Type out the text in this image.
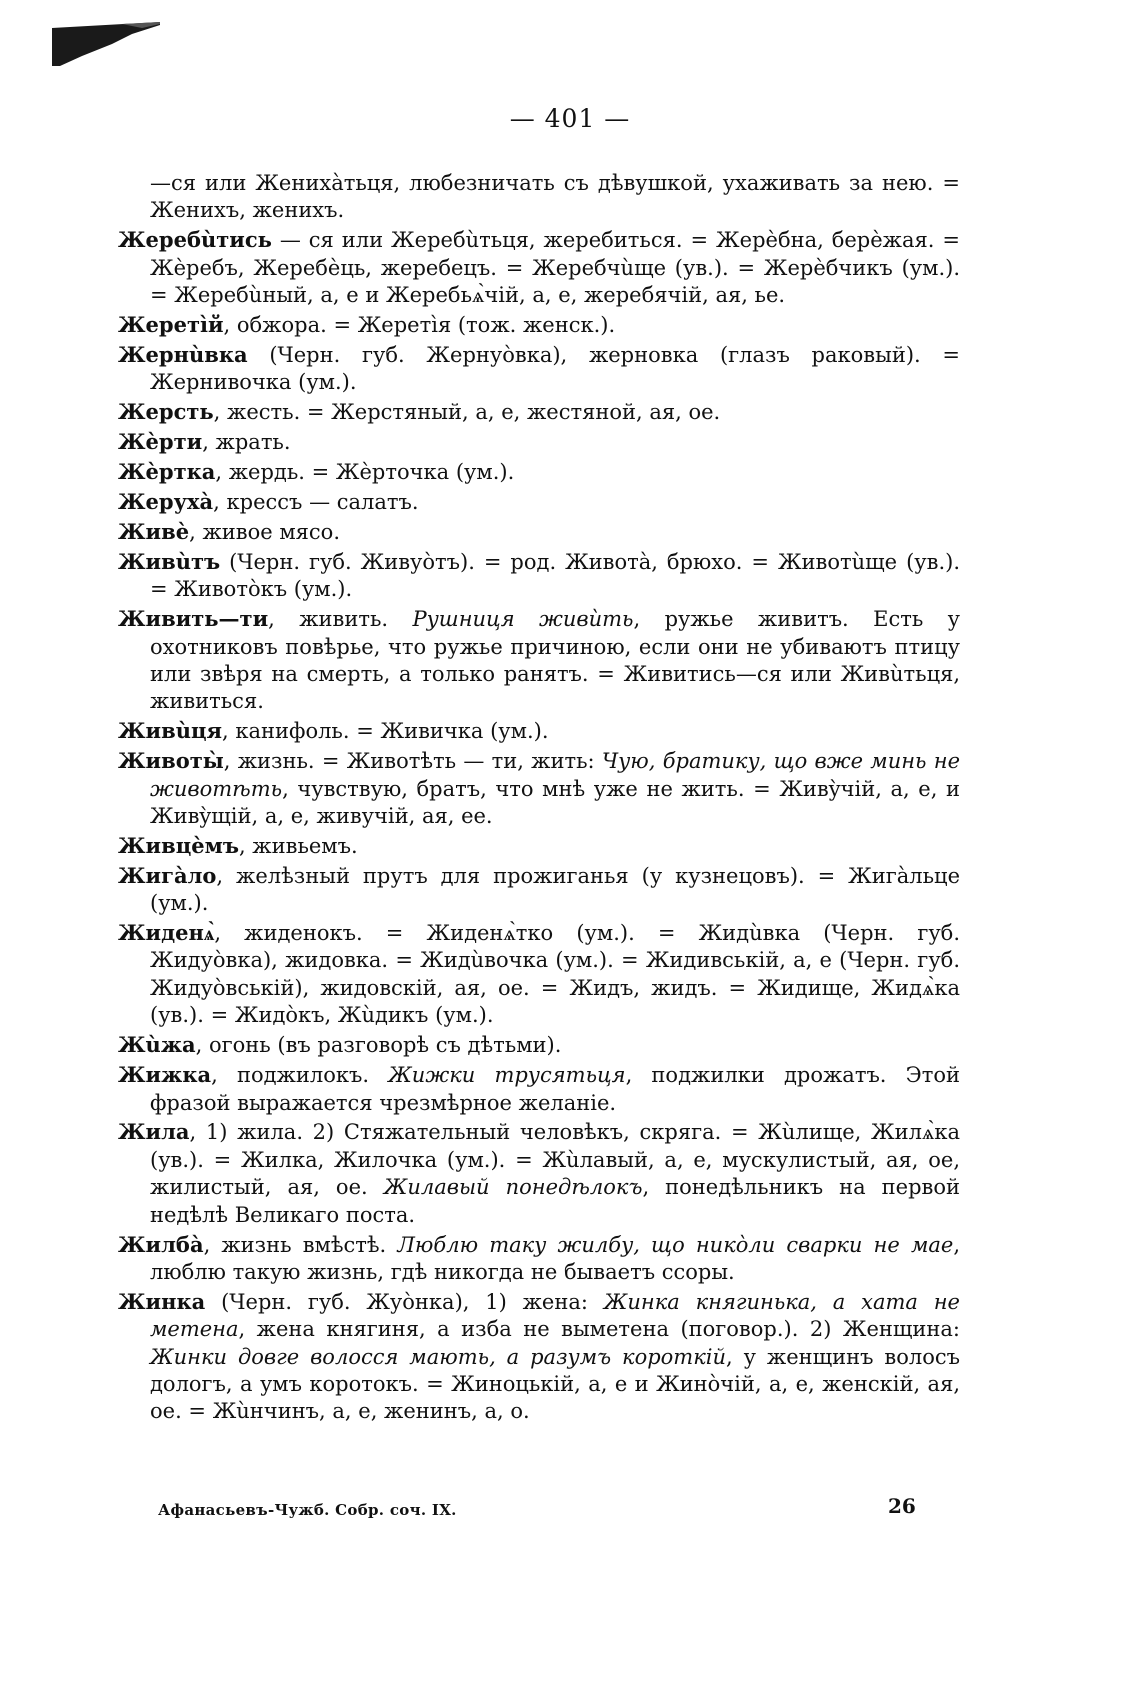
— 401 —

—ся или Женихàтьця, любезничать съ дѣвушкой, ухаживать за нею. = Женихъ, женихъ.

Жеребùтись — ся или Жеребùтьця, жеребиться. = Жерѐбна, берѐжая. = Жѐребъ, Жеребѐць, жеребецъ. = Жеребчùще (ув.). = Жерѐбчикъ (ум.). = Жеребùный, а, е и Жеребьѧ̀чій, а, е, жеребячій, ая, ье.

Жеретìй, обжора. = Жеретìя (тож. женск.).

Жернùвка (Черн. губ. Жернуòвка), жерновка (глазъ раковый). = Жернивочка (ум.).

Жерсть, жесть. = Жерстяный, а, е, жестяной, ая, ое.

Жѐрти, жрать.

Жѐртка, жердь. = Жѐрточка (ум.).

Жерухà, крессъ — салатъ.

Живѐ, живое мясо.

Живùтъ (Черн. губ. Живуòтъ). = род. Животà, брюхо. = Животùще (ув.). = Животòкъ (ум.).

Живить—ти, живить. Рушниця живùть, ружье живитъ. Есть у охотниковъ повѣрье, что ружье причиною, если они не убиваютъ птицу или звѣря на смерть, а только ранятъ. = Живитись—ся или Живùтьця, живиться.

Живùця, канифоль. = Живичка (ум.).

Животы̀, жизнь. = Животѣть — ти, жить: Чую, братику, що вже минь не животѣть, чувствую, братъ, что мнѣ уже не жить. = Живỳчій, а, е, и Живỳщій, а, е, живучій, ая, ее.

Живцѐмъ, живьемъ.

Жигàло, желѣзный прутъ для прожиганья (у кузнецовъ). = Жигàльце (ум.).

Жиденѧ̀, жиденокъ. = Жиденѧ̀тко (ум.). = Жидùвка (Черн. губ. Жидуòвка), жидовка. = Жидùвочка (ум.). = Жидивській, а, е (Черн. губ. Жидуòвській), жидовскій, ая, ое. = Жидъ, жидъ. = Жидище, Жидѧ̀ка (ув.). = Жидòкъ, Жùдикъ (ум.).

Жùжа, огонь (въ разговорѣ съ дѣтьми).

Жижка, поджилокъ. Жижки трусятьця, поджилки дрожатъ. Этой фразой выражается чрезмѣрное желаніе.

Жила, 1) жила. 2) Стяжательный человѣкъ, скряга. = Жùлище, Жилѧ̀ка (ув.). = Жилка, Жилочка (ум.). = Жùлавый, а, е, мускулистый, ая, ое, жилистый, ая, ое. Жилавый понедѣлокъ, понедѣльникъ на первой недѣлѣ Великаго поста.

Жилбà, жизнь вмѣстѣ. Люблю таку жилбу, що никòли сварки не мае, люблю такую жизнь, гдѣ никогда не бываетъ ссоры.

Жинка (Черн. губ. Жуòнка), 1) жена: Жинка княгинька, а хата не метена, жена княгиня, а изба не выметена (поговор.). 2) Женщина: Жинки довге волосся мають, а разумъ короткій, у женщинъ волосъ дологъ, а умъ коротокъ. = Жиноцькій, а, е и Жинòчій, а, е, женскій, ая, ое. = Жùнчинъ, а, е, женинъ, а, о.

Афанасьевъ-Чужб. Собр. соч. IX.	26
